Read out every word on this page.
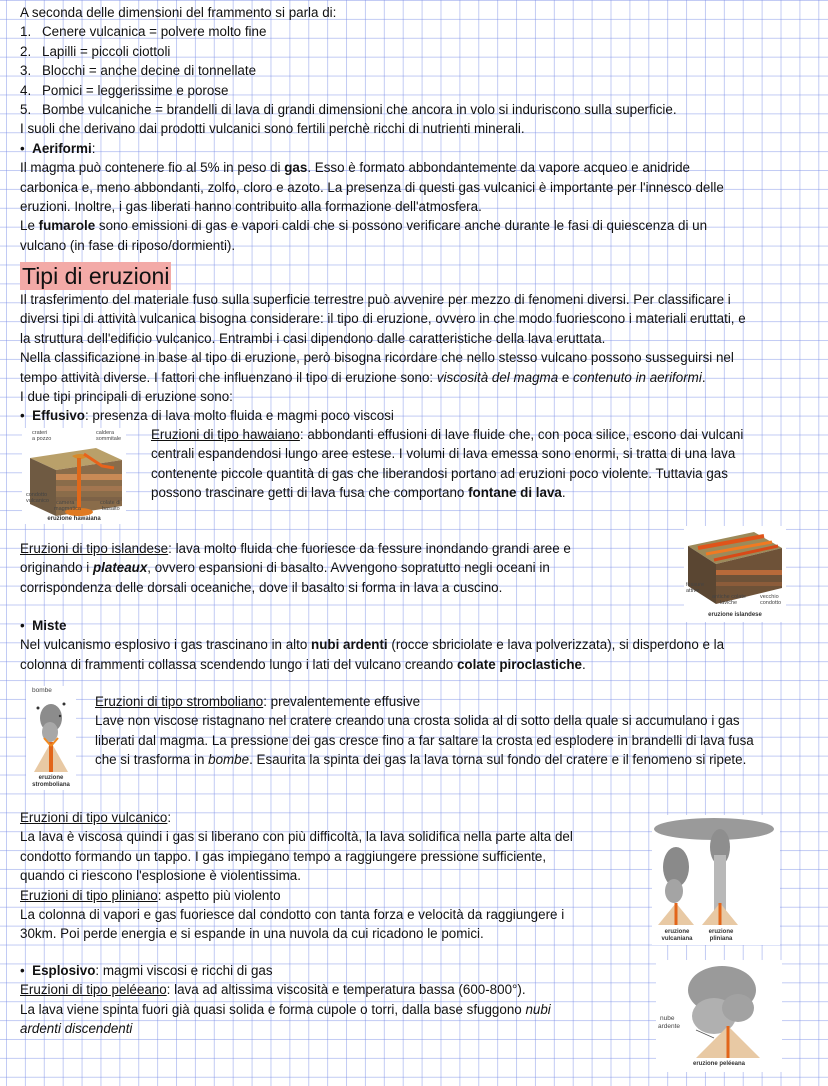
A seconda delle dimensioni del frammento si parla di:
1. Cenere vulcanica = polvere molto fine
2. Lapilli = piccoli ciottoli
3. Blocchi = anche decine di tonnellate
4. Pomici = leggerissime e porose
5. Bombe vulcaniche = brandelli di lava di grandi dimensioni che ancora in volo si induriscono sulla superficie.
I suoli che derivano dai prodotti vulcanici sono fertili perchè ricchi di nutrienti minerali.
• Aeriformi:
Il magma può contenere fio al 5% in peso di gas. Esso è formato abbondantemente da vapore acqueo e anidride
carbonica e, meno abbondanti, zolfo, cloro e azoto. La presenza di questi gas vulcanici è importante per l'innesco delle
eruzioni. Inoltre, i gas liberati hanno contribuito alla formazione dell'atmosfera.
Le fumarole sono emissioni di gas e vapori caldi che si possono verificare anche durante le fasi di quiescenza di un
vulcano (in fase di riposo/dormienti).
Tipi di eruzioni
Il trasferimento del materiale fuso sulla superficie terrestre può avvenire per mezzo di fenomeni diversi. Per classificare i
diversi tipi di attività vulcanica bisogna considerare: il tipo di eruzione, ovvero in che modo fuoriescono i materiali eruttati, e
la struttura dell'edificio vulcanico. Entrambi i casi dipendono dalle caratteristiche della lava eruttata.
Nella classificazione in base al tipo di eruzione, però bisogna ricordare che nello stesso vulcano possono susseguirsi nel
tempo attività diverse. I fattori che influenzano il tipo di eruzione sono: viscosità del magma e contenuto in aeriformi.
I due tipi principali di eruzione sono:
• Effusivo: presenza di lava molto fluida e magmi poco viscosi
crateri
a pozzo
caldera
sommitale
condotto
vulcanico camera
magmatica
colate di
basalto
eruzione hawaiana
Eruzioni di tipo hawaiano: abbondanti effusioni di lave fluide che, con poca silice, escono dai vulcani
centrali espandendosi lungo aree estese. I volumi di lava emessa sono enormi, si tratta di una lava
contenente piccole quantità di gas che liberandosi portano ad eruzioni poco violente. Tuttavia gas
possono trascinare getti di lava fusa che comportano fontane di lava.
Eruzioni di tipo islandese: lava molto fluida che fuoriesce da fessure inondando grandi aree e
originando i plateaux, ovvero espansioni di basalto. Avvengono sopratutto negli oceani in
corrispondenza delle dorsali oceaniche, dove il basalto si forma in lava a cuscino.	fessure
attive
antiche colate
laviche
vecchio
condotto
eruzione islandese
• Miste
Nel vulcanismo esplosivo i gas trascinano in alto nubi ardenti (rocce sbriciolate e lava polverizzata), si disperdono e la
colonna di frammenti collassa scendendo lungo i lati del vulcano creando colate piroclastiche.
bombe
eruzione
stromboliana
Eruzioni di tipo stromboliano: prevalentemente effusive
Lave non viscose ristagnano nel cratere creando una crosta solida al di sotto della quale si accumulano i gas
liberati dal magma. La pressione dei gas cresce fino a far saltare la crosta ed esplodere in brandelli di lava fusa
che si trasforma in bombe. Esaurita la spinta dei gas la lava torna sul fondo del cratere e il fenomeno si ripete.
Eruzioni di tipo vulcanico:
La lava è viscosa quindi i gas si liberano con più difficoltà, la lava solidifica nella parte alta del
condotto formando un tappo. I gas impiegano tempo a raggiungere pressione sufficiente,
quando ci riescono l'esplosione è violentissima.
Eruzioni di tipo pliniano: aspetto più violento
La colonna di vapori e gas fuoriesce dal condotto con tanta forza e velocità da raggiungere i
30km. Poi perde energia e si espande in una nuvola da cui ricadono le pomici.
pomici
colonna
di gas e
frammenti
solidi
eruzione
vulcaniana
eruzione
pliniana
• Esplosivo: magmi viscosi e ricchi di gas
Eruzioni di tipo peléeano: lava ad altissima viscosità e temperatura bassa (600-800°).
La lava viene spinta fuori già quasi solida e forma cupole o torri, dalla base sfuggono nubi
ardenti discendenti
nube
ardente
eruzione peléeana
